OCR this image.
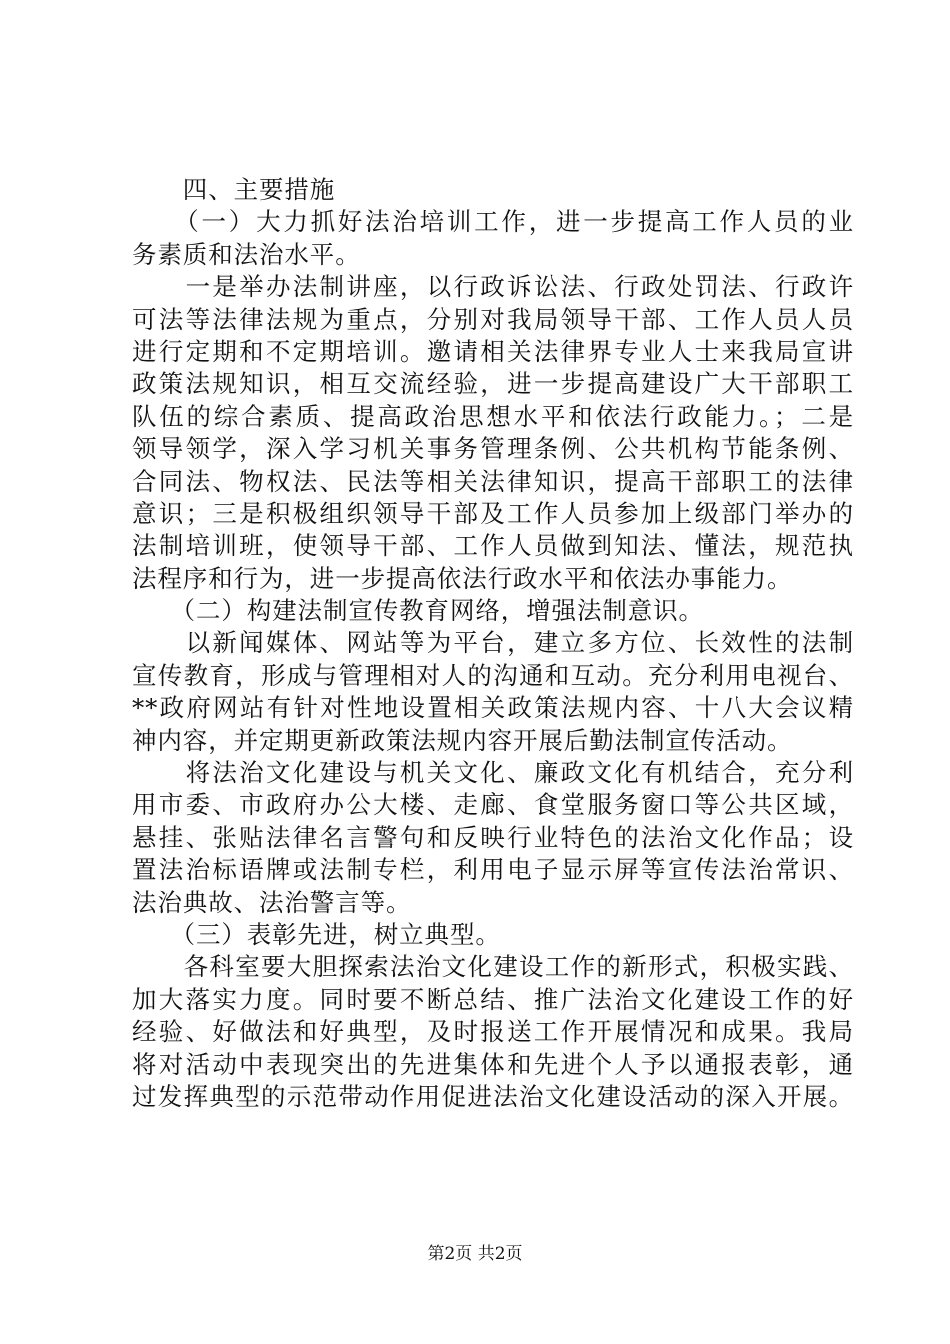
　　四、主要措施
　　（一）大力抓好法治培训工作，进一步提高工作人员的业
务素质和法治水平。
　　一是举办法制讲座，以行政诉讼法、行政处罚法、行政许
可法等法律法规为重点，分别对我局领导干部、工作人员人员
进行定期和不定期培训。邀请相关法律界专业人士来我局宣讲
政策法规知识，相互交流经验，进一步提高建设广大干部职工
队伍的综合素质、提高政治思想水平和依法行政能力。；二是
领导领学，深入学习机关事务管理条例、公共机构节能条例、
合同法、物权法、民法等相关法律知识，提高干部职工的法律
意识；三是积极组织领导干部及工作人员参加上级部门举办的
法制培训班，使领导干部、工作人员做到知法、懂法，规范执
法程序和行为，进一步提高依法行政水平和依法办事能力。
　　（二）构建法制宣传教育网络，增强法制意识。
　　以新闻媒体、网站等为平台，建立多方位、长效性的法制
宣传教育，形成与管理相对人的沟通和互动。充分利用电视台、
**政府网站有针对性地设置相关政策法规内容、十八大会议精
神内容，并定期更新政策法规内容开展后勤法制宣传活动。
　　将法治文化建设与机关文化、廉政文化有机结合，充分利
用市委、市政府办公大楼、走廊、食堂服务窗口等公共区域，
悬挂、张贴法律名言警句和反映行业特色的法治文化作品；设
置法治标语牌或法制专栏，利用电子显示屏等宣传法治常识、
法治典故、法治警言等。
　　（三）表彰先进，树立典型。
　　各科室要大胆探索法治文化建设工作的新形式，积极实践、
加大落实力度。同时要不断总结、推广法治文化建设工作的好
经验、好做法和好典型，及时报送工作开展情况和成果。我局
将对活动中表现突出的先进集体和先进个人予以通报表彰，通
过发挥典型的示范带动作用促进法治文化建设活动的深入开展。
第2页 共2页
